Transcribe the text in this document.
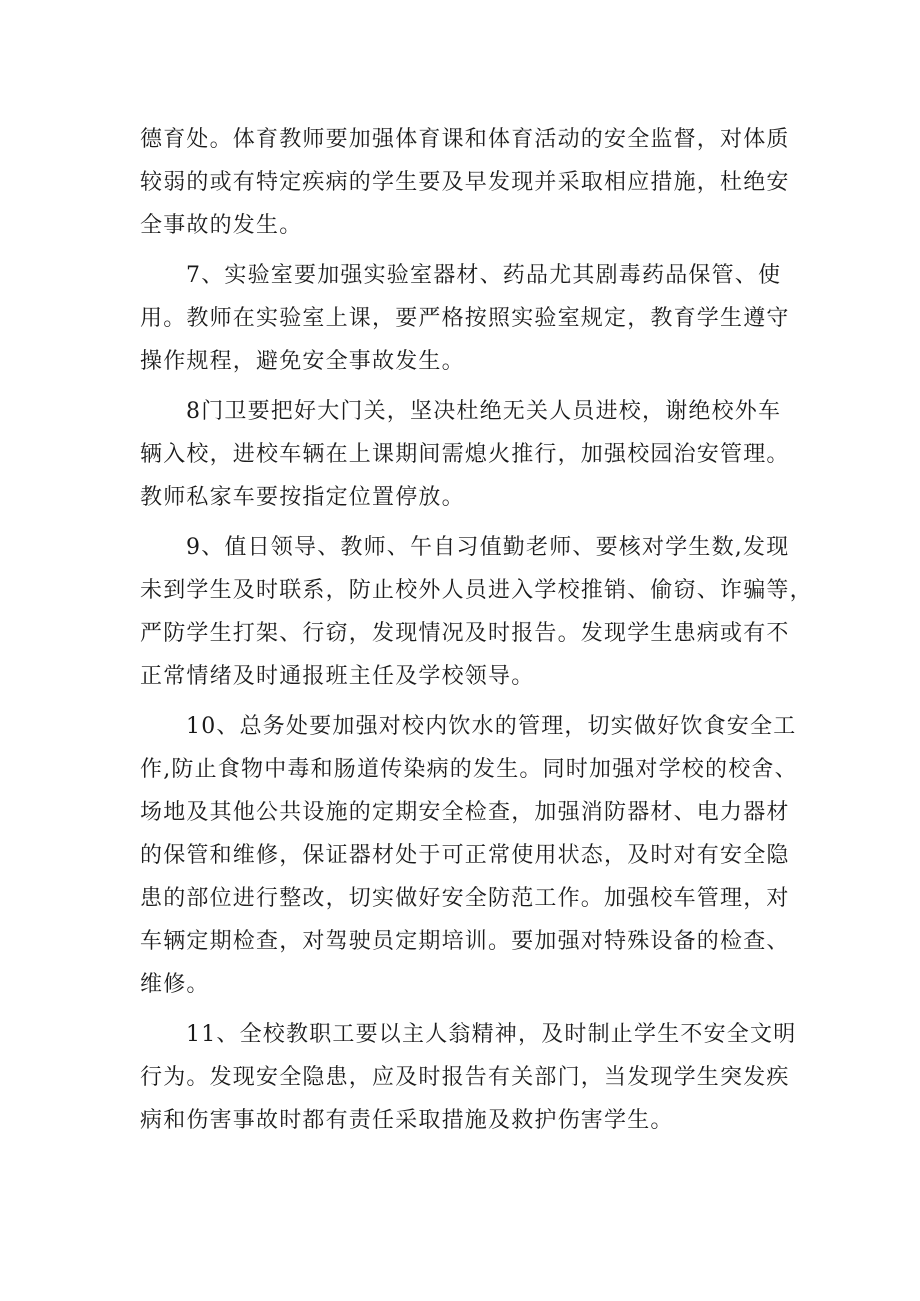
德育处。体育教师要加强体育课和体育活动的安全监督，对体质
较弱的或有特定疾病的学生要及早发现并采取相应措施，杜绝安
全事故的发生。
7、实验室要加强实验室器材、药品尤其剧毒药品保管、使
用。教师在实验室上课，要严格按照实验室规定，教育学生遵守
操作规程，避免安全事故发生。
8门卫要把好大门关，坚决杜绝无关人员进校，谢绝校外车
辆入校，进校车辆在上课期间需熄火推行，加强校园治安管理。
教师私家车要按指定位置停放。
9、值日领导、教师、午自习值勤老师、要核对学生数,发现
未到学生及时联系，防止校外人员进入学校推销、偷窃、诈骗等，
严防学生打架、行窃，发现情况及时报告。发现学生患病或有不
正常情绪及时通报班主任及学校领导。
10、总务处要加强对校内饮水的管理，切实做好饮食安全工
作,防止食物中毒和肠道传染病的发生。同时加强对学校的校舍、
场地及其他公共设施的定期安全检查，加强消防器材、电力器材
的保管和维修，保证器材处于可正常使用状态，及时对有安全隐
患的部位进行整改，切实做好安全防范工作。加强校车管理，对
车辆定期检查，对驾驶员定期培训。要加强对特殊设备的检查、
维修。
11、全校教职工要以主人翁精神，及时制止学生不安全文明
行为。发现安全隐患，应及时报告有关部门，当发现学生突发疾
病和伤害事故时都有责任采取措施及救护伤害学生。
